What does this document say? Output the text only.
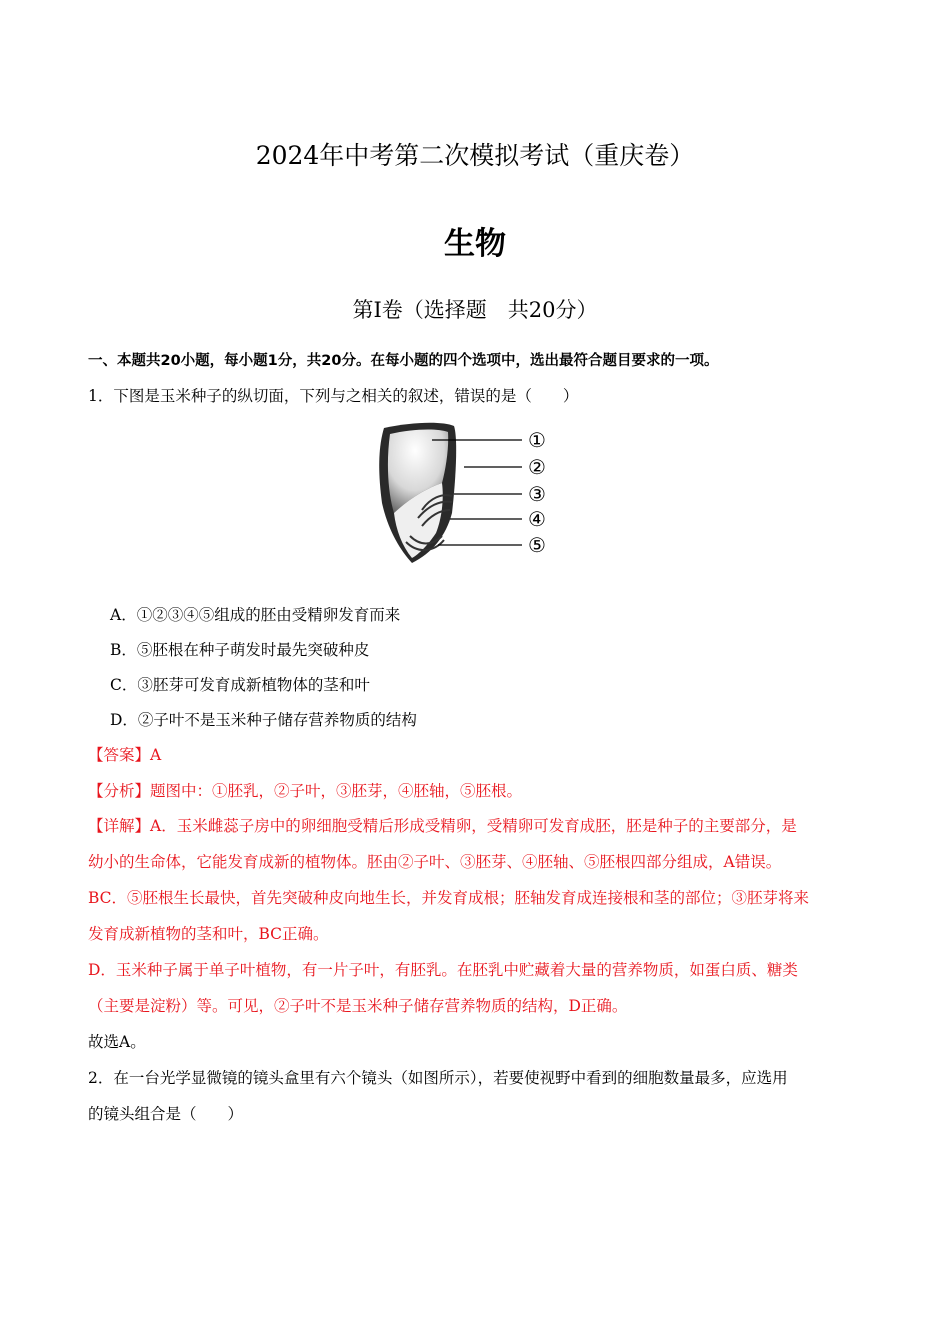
2024年中考第二次模拟考试（重庆卷）
生物
第Ⅰ卷（选择题　共20分）
一、本题共20小题，每小题1分，共20分。在每小题的四个选项中，选出最符合题目要求的一项。
1．下图是玉米种子的纵切面，下列与之相关的叙述，错误的是（　　）
①
②
③
④
⑤
A．①②③④⑤组成的胚由受精卵发育而来
B．⑤胚根在种子萌发时最先突破种皮
C．③胚芽可发育成新植物体的茎和叶
D．②子叶不是玉米种子储存营养物质的结构
【答案】A
【分析】题图中：①胚乳，②子叶，③胚芽，④胚轴，⑤胚根。
【详解】A．玉米雌蕊子房中的卵细胞受精后形成受精卵，受精卵可发育成胚，胚是种子的主要部分，是
幼小的生命体，它能发育成新的植物体。胚由②子叶、③胚芽、④胚轴、⑤胚根四部分组成，A错误。
BC．⑤胚根生长最快，首先突破种皮向地生长，并发育成根；胚轴发育成连接根和茎的部位；③胚芽将来
发育成新植物的茎和叶，BC正确。
D．玉米种子属于单子叶植物，有一片子叶，有胚乳。在胚乳中贮藏着大量的营养物质，如蛋白质、糖类
（主要是淀粉）等。可见，②子叶不是玉米种子储存营养物质的结构，D正确。
故选A。
2．在一台光学显微镜的镜头盒里有六个镜头（如图所示），若要使视野中看到的细胞数量最多，应选用
的镜头组合是（　　）
